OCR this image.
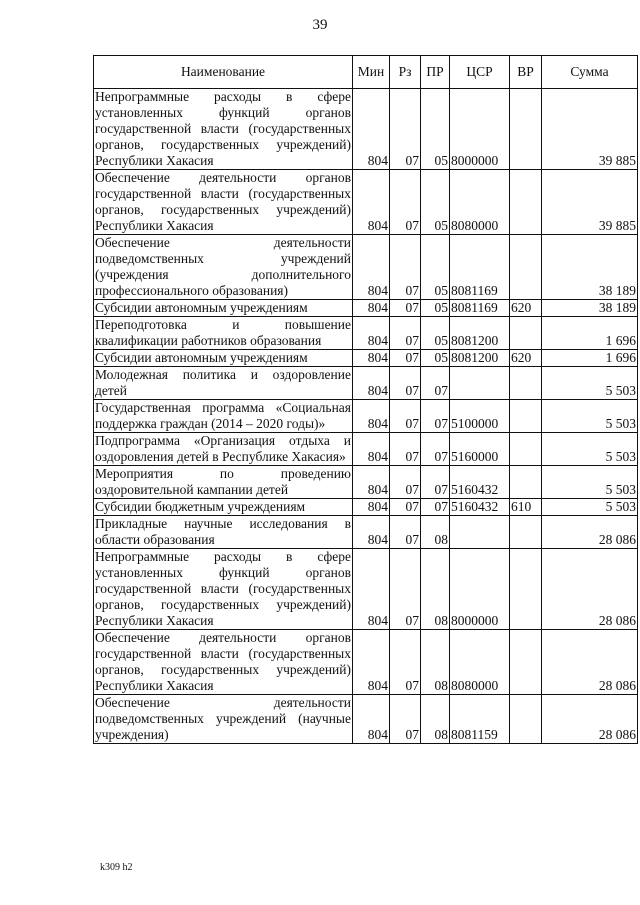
39
Наименование	Мин	Рз	ПР	ЦСР	ВР	Сумма
Непрограммные расходы в сфере установленных функций органов государственной власти (государственных органов, государственных учреждений) Республики Хакасия	804	07	05	8000000		39 885
Обеспечение деятельности органов государственной власти (государственных органов, государственных учреждений) Республики Хакасия	804	07	05	8080000		39 885
Обеспечение деятельности подведомственных учреждений (учреждения дополнительного профессионального образования)	804	07	05	8081169		38 189
Субсидии автономным учреждениям	804	07	05	8081169	620	38 189
Переподготовка и повышение квалификации работников образования	804	07	05	8081200		1 696
Субсидии автономным учреждениям	804	07	05	8081200	620	1 696
Молодежная политика и оздоровление детей	804	07	07			5 503
Государственная программа «Социальная поддержка граждан (2014 – 2020 годы)»	804	07	07	5100000		5 503
Подпрограмма «Организация отдыха и оздоровления детей в Республике Хакасия»	804	07	07	5160000		5 503
Мероприятия по проведению оздоровительной кампании детей	804	07	07	5160432		5 503
Субсидии бюджетным учреждениям	804	07	07	5160432	610	5 503
Прикладные научные исследования в области образования	804	07	08			28 086
Непрограммные расходы в сфере установленных функций органов государственной власти (государственных органов, государственных учреждений) Республики Хакасия	804	07	08	8000000		28 086
Обеспечение деятельности органов государственной власти (государственных органов, государственных учреждений) Республики Хакасия	804	07	08	8080000		28 086
Обеспечение деятельности подведомственных учреждений (научные учреждения)	804	07	08	8081159		28 086
k309 h2
